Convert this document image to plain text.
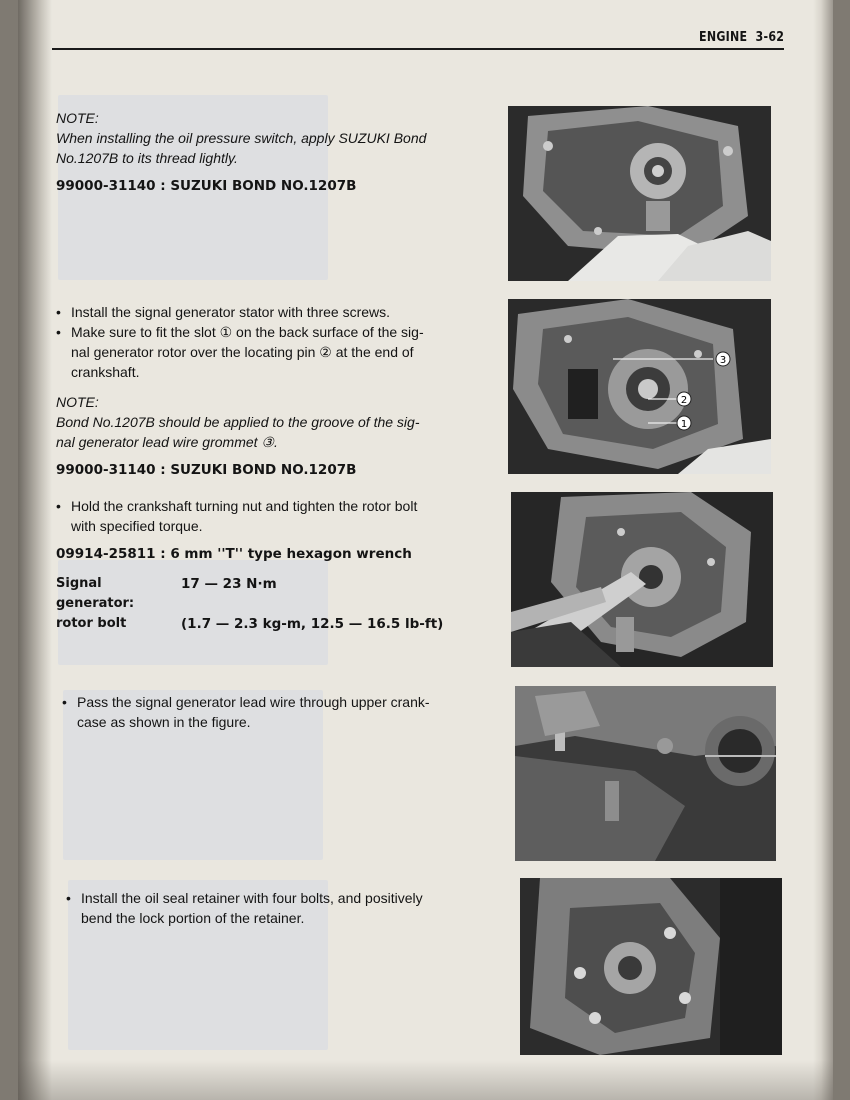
ENGINE 3-62
NOTE:
When installing the oil pressure switch, apply SUZUKI Bond
No.1207B to its thread lightly.
99000-31140 : SUZUKI BOND NO.1207B
• Install the signal generator stator with three screws.
• Make sure to fit the slot ① on the back surface of the sig-
nal generator rotor over the locating pin ② at the end of
crankshaft.
NOTE:
Bond No.1207B should be applied to the groove of the sig-
nal generator lead wire grommet ③.
99000-31140 : SUZUKI BOND NO.1207B
3
2
1
• Hold the crankshaft turning nut and tighten the rotor bolt
with specified torque.
09914-25811 : 6 mm ''T'' type hexagon wrench
Signal generator:
17 — 23 N·m
rotor bolt	(1.7 — 2.3 kg-m, 12.5 — 16.5 lb-ft)
• Pass the signal generator lead wire through upper crank-
case as shown in the figure.
• Install the oil seal retainer with four bolts, and positively
bend the lock portion of the retainer.
